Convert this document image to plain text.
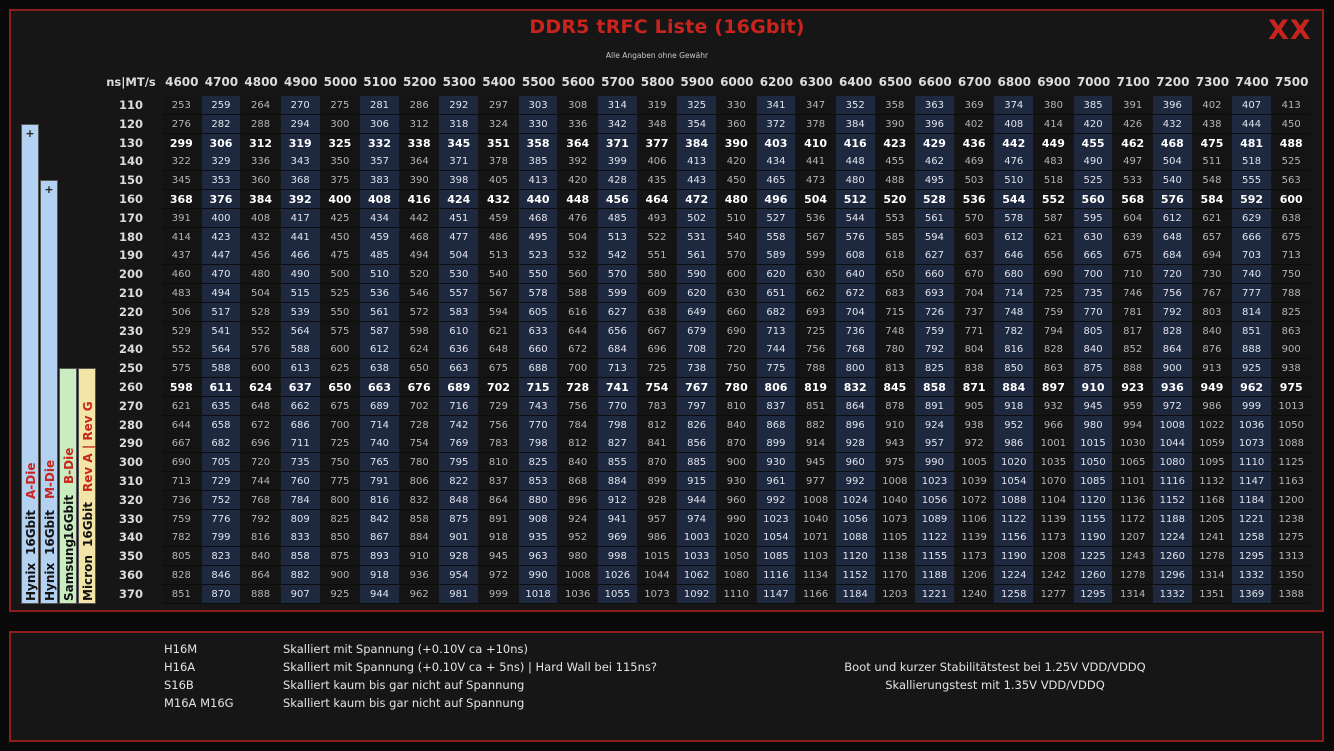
DDR5 tRFC Liste (16Gbit)
Alle Angaben ohne Gewähr
XX
ns|MT/s 4600 4700 4800 4900 5000 5100 5200 5300 5400 5500 5600 5700 5800 5900 6000 6200 6300 6400 6500 6600 6700 6800 6900 7000 7100 7200 7300 7400 7500
110	253	259	264	270	275	281	286	292	297	303	308	314	319	325	330	341	347	352	358	363	369	374	380	385	391	396	402	407	413
120	276	282	288	294	300	306	312	318	324	330	336	342	348	354	360	372	378	384	390	396	402	408	414	420	426	432	438	444	450
130	299	306	312	319	325	332	338	345	351	358	364	371	377	384	390	403	410	416	423	429	436	442	449	455	462	468	475	481	488
140	322	329	336	343	350	357	364	371	378	385	392	399	406	413	420	434	441	448	455	462	469	476	483	490	497	504	511	518	525
150	345	353	360	368	375	383	390	398	405	413	420	428	435	443	450	465	473	480	488	495	503	510	518	525	533	540	548	555	563
160	368	376	384	392	400	408	416	424	432	440	448	456	464	472	480	496	504	512	520	528	536	544	552	560	568	576	584	592	600
170	391	400	408	417	425	434	442	451	459	468	476	485	493	502	510	527	536	544	553	561	570	578	587	595	604	612	621	629	638
180	414	423	432	441	450	459	468	477	486	495	504	513	522	531	540	558	567	576	585	594	603	612	621	630	639	648	657	666	675
190	437	447	456	466	475	485	494	504	513	523	532	542	551	561	570	589	599	608	618	627	637	646	656	665	675	684	694	703	713
200	460	470	480	490	500	510	520	530	540	550	560	570	580	590	600	620	630	640	650	660	670	680	690	700	710	720	730	740	750
210	483	494	504	515	525	536	546	557	567	578	588	599	609	620	630	651	662	672	683	693	704	714	725	735	746	756	767	777	788
220	506	517	528	539	550	561	572	583	594	605	616	627	638	649	660	682	693	704	715	726	737	748	759	770	781	792	803	814	825
230	529	541	552	564	575	587	598	610	621	633	644	656	667	679	690	713	725	736	748	759	771	782	794	805	817	828	840	851	863
240	552	564	576	588	600	612	624	636	648	660	672	684	696	708	720	744	756	768	780	792	804	816	828	840	852	864	876	888	900
250	575	588	600	613	625	638	650	663	675	688	700	713	725	738	750	775	788	800	813	825	838	850	863	875	888	900	913	925	938
260	598	611	624	637	650	663	676	689	702	715	728	741	754	767	780	806	819	832	845	858	871	884	897	910	923	936	949	962	975
270	621	635	648	662	675	689	702	716	729	743	756	770	783	797	810	837	851	864	878	891	905	918	932	945	959	972	986	999	1013
280	644	658	672	686	700	714	728	742	756	770	784	798	812	826	840	868	882	896	910	924	938	952	966	980	994	1008	1022	1036	1050
290	667	682	696	711	725	740	754	769	783	798	812	827	841	856	870	899	914	928	943	957	972	986	1001	1015	1030	1044	1059	1073	1088
300	690	705	720	735	750	765	780	795	810	825	840	855	870	885	900	930	945	960	975	990	1005	1020	1035	1050	1065	1080	1095	1110	1125
310	713	729	744	760	775	791	806	822	837	853	868	884	899	915	930	961	977	992	1008	1023	1039	1054	1070	1085	1101	1116	1132	1147	1163
320	736	752	768	784	800	816	832	848	864	880	896	912	928	944	960	992	1008	1024	1040	1056	1072	1088	1104	1120	1136	1152	1168	1184	1200
330	759	776	792	809	825	842	858	875	891	908	924	941	957	974	990	1023	1040	1056	1073	1089	1106	1122	1139	1155	1172	1188	1205	1221	1238
340	782	799	816	833	850	867	884	901	918	935	952	969	986	1003	1020	1054	1071	1088	1105	1122	1139	1156	1173	1190	1207	1224	1241	1258	1275
350	805	823	840	858	875	893	910	928	945	963	980	998	1015	1033	1050	1085	1103	1120	1138	1155	1173	1190	1208	1225	1243	1260	1278	1295	1313
360	828	846	864	882	900	918	936	954	972	990	1008	1026	1044	1062	1080	1116	1134	1152	1170	1188	1206	1224	1242	1260	1278	1296	1314	1332	1350
370	851	870	888	907	925	944	962	981	999	1018	1036	1055	1073	1092	1110	1147	1166	1184	1203	1221	1240	1258	1277	1295	1314	1332	1351	1369	1388
+
Hynix
16Gbit
A-Die
+
Hynix
16Gbit
M-Die
Samsung
16Gbit
B-Die
Micron
16Gbit
Rev A | Rev G
H16M	Skalliert mit Spannung (+0.10V ca +10ns)
H16A	Skalliert mit Spannung (+0.10V ca + 5ns) | Hard Wall bei 115ns?
S16B	Skalliert kaum bis gar nicht auf Spannung
M16A M16G	Skalliert kaum bis gar nicht auf Spannung
Boot und kurzer Stabilitätstest bei 1.25V VDD/VDDQ
Skallierungstest mit 1.35V VDD/VDDQ
